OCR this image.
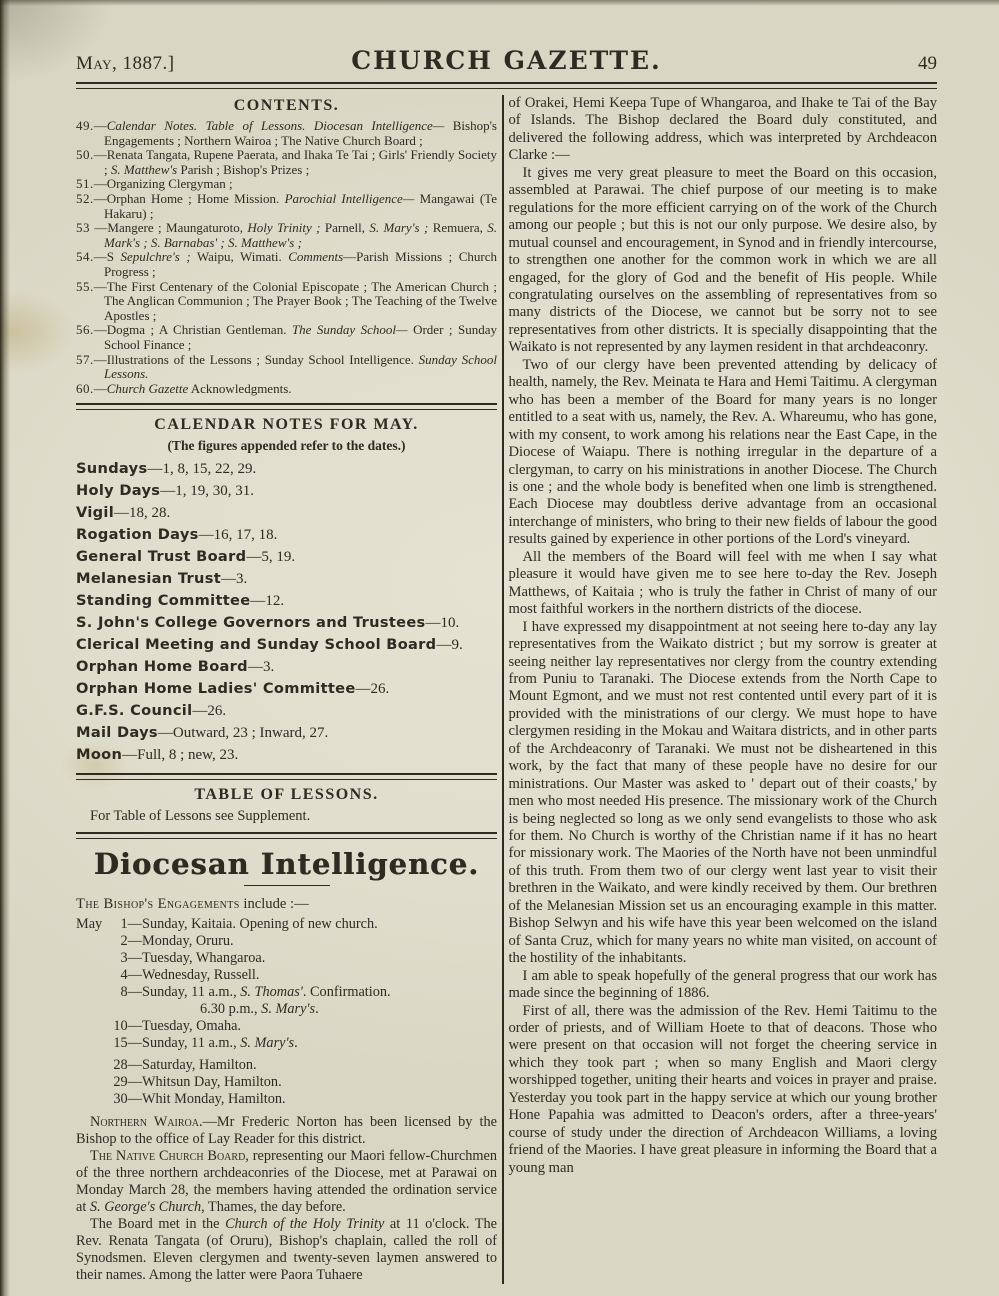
May, 1887.]	CHURCH GAZETTE.	49
CONTENTS.

49.—Calendar Notes. Table of Lessons. Diocesan Intelligence— Bishop's Engagements ; Northern Wairoa ; The Native Church Board ;

50.—Renata Tangata, Rupene Paerata, and Ihaka Te Tai ; Girls' Friendly Society ; S. Matthew's Parish ; Bishop's Prizes ;

51.—Organizing Clergyman ;

52.—Orphan Home ; Home Mission. Parochial Intelligence— Mangawai (Te Hakaru) ;

53 —Mangere ; Maungaturoto, Holy Trinity ; Parnell, S. Mary's ; Remuera, S. Mark's ; S. Barnabas' ; S. Matthew's ;

54.—S Sepulchre's ; Waipu, Wimati. Comments—Parish Missions ; Church Progress ;

55.—The First Centenary of the Colonial Episcopate ; The American Church ; The Anglican Communion ; The Prayer Book ; The Teaching of the Twelve Apostles ;

56.—Dogma ; A Christian Gentleman. The Sunday School— Order ; Sunday School Finance ;

57.—Illustrations of the Lessons ; Sunday School Intelligence. Sunday School Lessons.

60.—Church Gazette Acknowledgments.

CALENDAR NOTES FOR MAY.

(The figures appended refer to the dates.)

Sundays—1, 8, 15, 22, 29.

Holy Days—1, 19, 30, 31.

Vigil—18, 28.

Rogation Days—16, 17, 18.

General Trust Board—5, 19.

Melanesian Trust—3.

Standing Committee—12.

S. John's College Governors and Trustees—10.

Clerical Meeting and Sunday School Board—9.

Orphan Home Board—3.

Orphan Home Ladies' Committee—26.

G.F.S. Council—26.

Mail Days—Outward, 23 ; Inward, 27.

Moon—Full, 8 ; new, 23.

TABLE OF LESSONS.

For Table of Lessons see Supplement.

Diocesan Intelligence.

The Bishop's Engagements include :—

May	1— Sunday, Kaitaia. Opening of new church.

2— Monday, Oruru.

3— Tuesday, Whangaroa.

4— Wednesday, Russell.

8— Sunday, 11 a.m., S. Thomas'. Confirmation.

6.30 p.m., S. Mary's.

10— Tuesday, Omaha.

15— Sunday, 11 a.m., S. Mary's.

28— Saturday, Hamilton.

29— Whitsun Day, Hamilton.

30— Whit Monday, Hamilton.

Northern Wairoa.—Mr Frederic Norton has been licensed by the Bishop to the office of Lay Reader for this district.

The Native Church Board, representing our Maori fellow-Churchmen of the three northern archdeaconries of the Diocese, met at Parawai on Monday March 28, the members having attended the ordination service at S. George's Church, Thames, the day before.

The Board met in the Church of the Holy Trinity at 11 o'clock. The Rev. Renata Tangata (of Oruru), Bishop's chaplain, called the roll of Synodsmen. Eleven clergymen and twenty-seven laymen answered to their names. Among the latter were Paora Tuhaere

of Orakei, Hemi Keepa Tupe of Whangaroa, and Ihake te Tai of the Bay of Islands. The Bishop declared the Board duly constituted, and delivered the following address, which was interpreted by Archdeacon Clarke :—

It gives me very great pleasure to meet the Board on this occasion, assembled at Parawai. The chief purpose of our meeting is to make regulations for the more efficient carrying on of the work of the Church among our people ; but this is not our only purpose. We desire also, by mutual counsel and encouragement, in Synod and in friendly intercourse, to strengthen one another for the common work in which we are all engaged, for the glory of God and the benefit of His people. While congratulating ourselves on the assembling of representatives from so many districts of the Diocese, we cannot but be sorry not to see representatives from other districts. It is specially disappointing that the Waikato is not represented by any laymen resident in that archdeaconry.

Two of our clergy have been prevented attending by delicacy of health, namely, the Rev. Meinata te Hara and Hemi Taitimu. A clergyman who has been a member of the Board for many years is no longer entitled to a seat with us, namely, the Rev. A. Whareumu, who has gone, with my consent, to work among his relations near the East Cape, in the Diocese of Waiapu. There is nothing irregular in the departure of a clergyman, to carry on his ministrations in another Diocese. The Church is one ; and the whole body is benefited when one limb is strengthened. Each Diocese may doubtless derive advantage from an occasional interchange of ministers, who bring to their new fields of labour the good results gained by experience in other portions of the Lord's vineyard.

All the members of the Board will feel with me when I say what pleasure it would have given me to see here to-day the Rev. Joseph Matthews, of Kaitaia ; who is truly the father in Christ of many of our most faithful workers in the northern districts of the diocese.

I have expressed my disappointment at not seeing here to-day any lay representatives from the Waikato district ; but my sorrow is greater at seeing neither lay representatives nor clergy from the country extending from Puniu to Taranaki. The Diocese extends from the North Cape to Mount Egmont, and we must not rest contented until every part of it is provided with the ministrations of our clergy. We must hope to have clergymen residing in the Mokau and Waitara districts, and in other parts of the Archdeaconry of Taranaki. We must not be disheartened in this work, by the fact that many of these people have no desire for our ministrations. Our Master was asked to ' depart out of their coasts,' by men who most needed His presence. The missionary work of the Church is being neglected so long as we only send evangelists to those who ask for them. No Church is worthy of the Christian name if it has no heart for missionary work. The Maories of the North have not been unmindful of this truth. From them two of our clergy went last year to visit their brethren in the Waikato, and were kindly received by them. Our brethren of the Melanesian Mission set us an encouraging example in this matter. Bishop Selwyn and his wife have this year been welcomed on the island of Santa Cruz, which for many years no white man visited, on account of the hostility of the inhabitants.

I am able to speak hopefully of the general progress that our work has made since the beginning of 1886.

First of all, there was the admission of the Rev. Hemi Taitimu to the order of priests, and of William Hoete to that of deacons. Those who were present on that occasion will not forget the cheering service in which they took part ; when so many English and Maori clergy worshipped together, uniting their hearts and voices in prayer and praise. Yesterday you took part in the happy service at which our young brother Hone Papahia was admitted to Deacon's orders, after a three-years' course of study under the direction of Archdeacon Williams, a loving friend of the Maories. I have great pleasure in informing the Board that a young man
